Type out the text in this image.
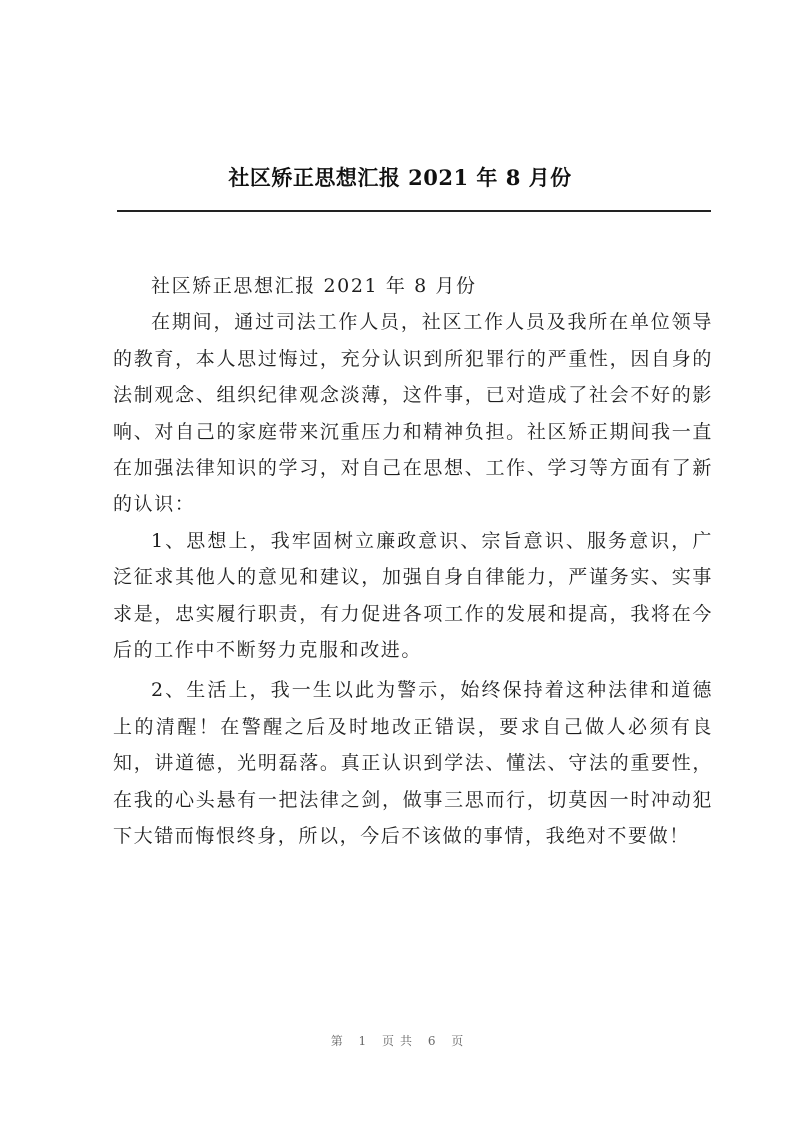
社区矫正思想汇报 2021 年 8 月份

社区矫正思想汇报 2021 年 8 月份

在期间，通过司法工作人员，社区工作人员及我所在单位领导的教育，本人思过悔过，充分认识到所犯罪行的严重性，因自身的法制观念、组织纪律观念淡薄，这件事，已对造成了社会不好的影响、对自己的家庭带来沉重压力和精神负担。社区矫正期间我一直在加强法律知识的学习，对自己在思想、工作、学习等方面有了新的认识：

1、思想上，我牢固树立廉政意识、宗旨意识、服务意识，广泛征求其他人的意见和建议，加强自身自律能力，严谨务实、实事求是，忠实履行职责，有力促进各项工作的发展和提高，我将在今后的工作中不断努力克服和改进。

2、生活上，我一生以此为警示，始终保持着这种法律和道德上的清醒！在警醒之后及时地改正错误，要求自己做人必须有良知，讲道德，光明磊落。真正认识到学法、懂法、守法的重要性，在我的心头悬有一把法律之剑，做事三思而行，切莫因一时冲动犯下大错而悔恨终身，所以，今后不该做的事情，我绝对不要做！

第 1 页共 6 页
